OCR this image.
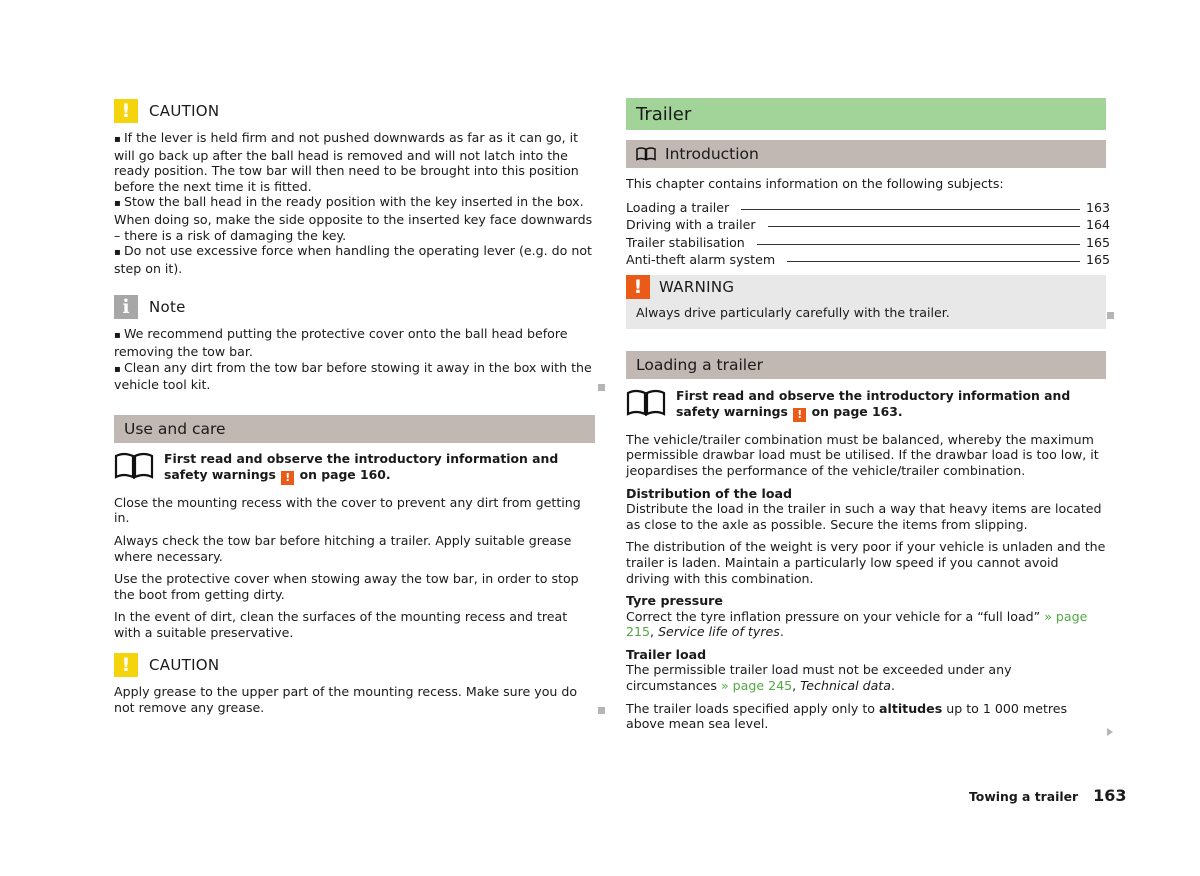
!	CAUTION

▪ If the lever is held firm and not pushed downwards as far as it can go, it will go back up after the ball head is removed and will not latch into the ready position. The tow bar will then need to be brought into this position before the next time it is fitted.

▪ Stow the ball head in the ready position with the key inserted in the box. When doing so, make the side opposite to the inserted key face downwards – there is a risk of damaging the key.

▪ Do not use excessive force when handling the operating lever (e.g. do not step on it).

i	Note

▪ We recommend putting the protective cover onto the ball head before removing the tow bar.

▪ Clean any dirt from the tow bar before stowing it away in the box with the vehicle tool kit.

Use and care
First read and observe the introductory information and safety warnings ! on page 160.

Close the mounting recess with the cover to prevent any dirt from getting in.

Always check the tow bar before hitching a trailer. Apply suitable grease where necessary.

Use the protective cover when stowing away the tow bar, in order to stop the boot from getting dirty.

In the event of dirt, clean the surfaces of the mounting recess and treat with a suitable preservative.

!	CAUTION

Apply grease to the upper part of the mounting recess. Make sure you do not remove any grease.

Trailer
Introduction

This chapter contains information on the following subjects:

Loading a trailer	163
Driving with a trailer	164
Trailer stabilisation	165
Anti-theft alarm system	165
!	WARNING

Always drive particularly carefully with the trailer.

Loading a trailer
First read and observe the introductory information and safety warnings ! on page 163.

The vehicle/trailer combination must be balanced, whereby the maximum permissible drawbar load must be utilised. If the drawbar load is too low, it jeopardises the performance of the vehicle/trailer combination.

Distribution of the load

Distribute the load in the trailer in such a way that heavy items are located as close to the axle as possible. Secure the items from slipping.

The distribution of the weight is very poor if your vehicle is unladen and the trailer is laden. Maintain a particularly low speed if you cannot avoid driving with this combination.

Tyre pressure

Correct the tyre inflation pressure on your vehicle for a “full load” » page 215, Service life of tyres.

Trailer load

The permissible trailer load must not be exceeded under any circumstances » page 245, Technical data.

The trailer loads specified apply only to altitudes up to 1 000 metres above mean sea level.

Towing a trailer 163
